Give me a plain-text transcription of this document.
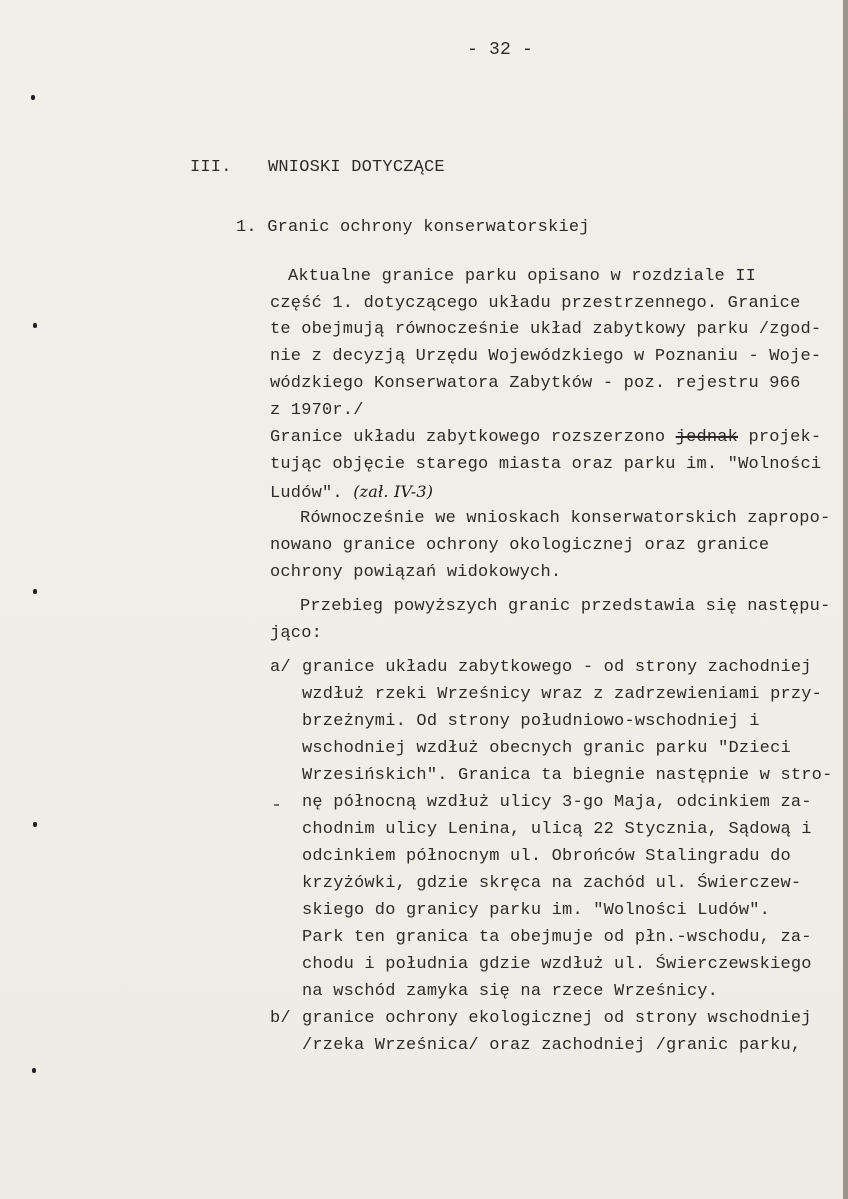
- 32 -
III. WNIOSKI DOTYCZĄCE
1. Granic ochrony konserwatorskiej
Aktualne granice parku opisano w rozdziale II
część 1. dotyczącego układu przestrzennego. Granice
te obejmują równocześnie układ zabytkowy parku /zgod-
nie z decyzją Urzędu Wojewódzkiego w Poznaniu - Woje-
wódzkiego Konserwatora Zabytków - poz. rejestru 966
z 1970r./
Granice układu zabytkowego rozszerzono jednak projek-
tując objęcie starego miasta oraz parku im. "Wolności
Ludów". (zał. IV-3)
Równocześnie we wnioskach konserwatorskich zapropo-
nowano granice ochrony okologicznej oraz granice
ochrony powiązań widokowych.
Przebieg powyższych granic przedstawia się następu-
jąco:
a/ granice układu zabytkowego - od strony zachodniej
wzdłuż rzeki Wrześnicy wraz z zadrzewieniami przy-
brzeżnymi. Od strony południowo-wschodniej i
wschodniej wzdłuż obecnych granic parku "Dzieci
Wrzesińskich". Granica ta biegnie następnie w stro-
nę północną wzdłuż ulicy 3-go Maja, odcinkiem za-
chodnim ulicy Lenina, ulicą 22 Stycznia, Sądową i
odcinkiem północnym ul. Obrońców Stalingradu do
krzyżówki, gdzie skręca na zachód ul. Świerczew-
skiego do granicy parku im. "Wolności Ludów".
Park ten granica ta obejmuje od płn.-wschodu, za-
chodu i południa gdzie wzdłuż ul. Świerczewskiego
na wschód zamyka się na rzece Wrześnicy.
b/ granice ochrony ekologicznej od strony wschodniej
/rzeka Wrześnica/ oraz zachodniej /granic parku,
